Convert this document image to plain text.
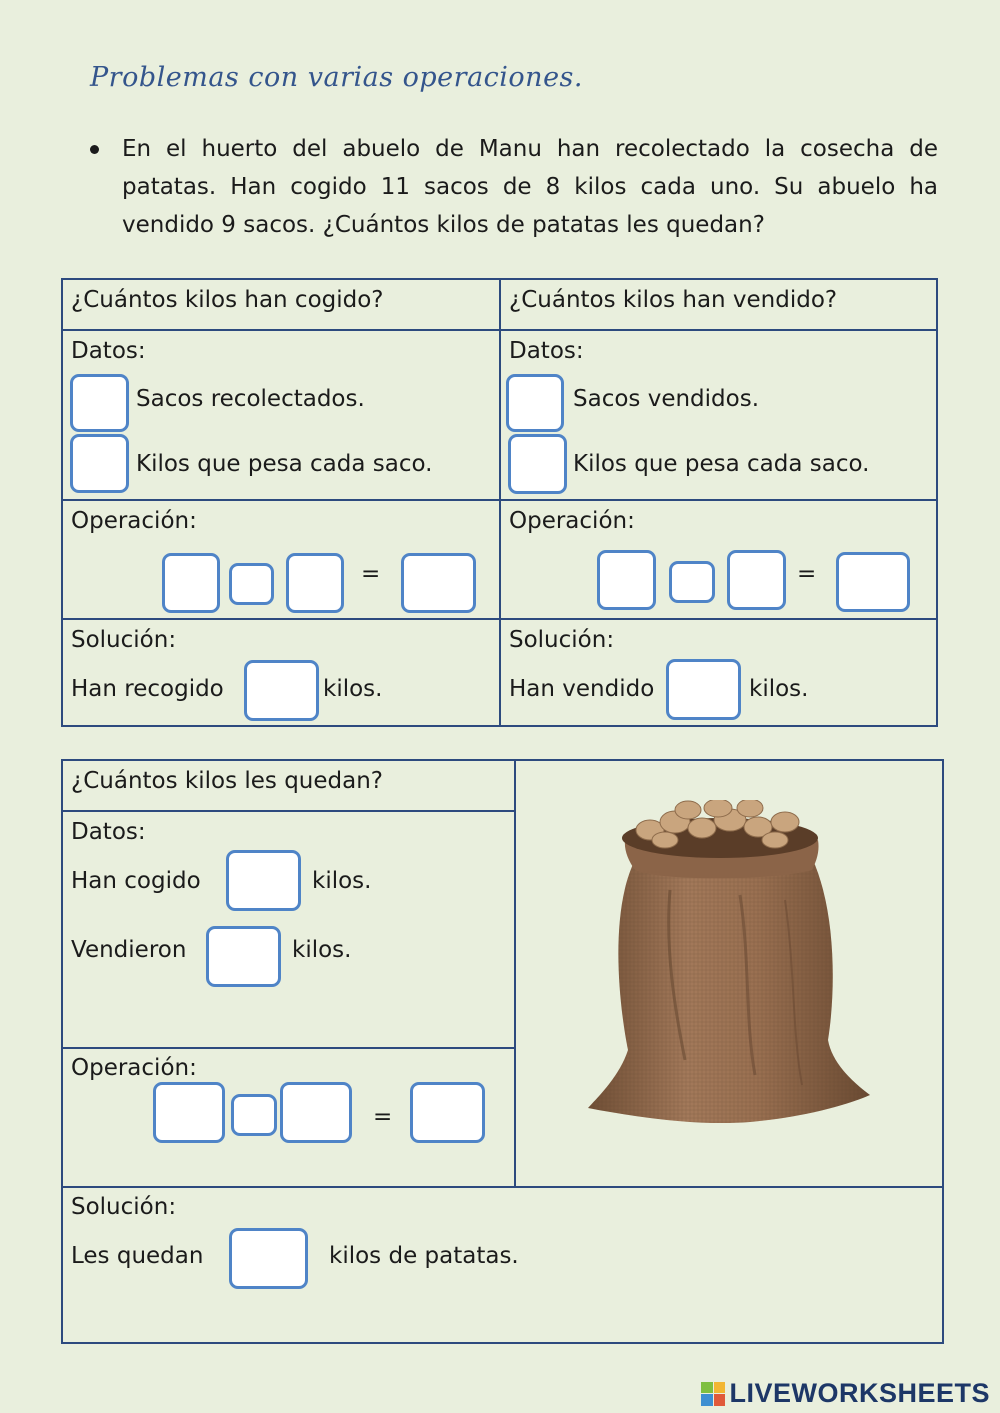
Problemas con varias operaciones.
En el huerto del abuelo de Manu han recolectado la cosecha de patatas. Han cogido 11 sacos de 8 kilos cada uno. Su abuelo ha vendido 9 sacos. ¿Cuántos kilos de patatas les quedan?
¿Cuántos kilos han cogido?
Datos:
Sacos recolectados.
Kilos que pesa cada saco.
Operación:
=
Solución:
Han recogido	kilos.
¿Cuántos kilos han vendido?
Datos:
Sacos vendidos.
Kilos que pesa cada saco.
Operación:
=
Solución:
Han vendido	kilos.
¿Cuántos kilos les quedan?
Datos:
Han cogido	kilos.
Vendieron	kilos.
Operación:
=
Solución:
Les quedan	kilos de patatas.
LIVEWORKSHEETS
